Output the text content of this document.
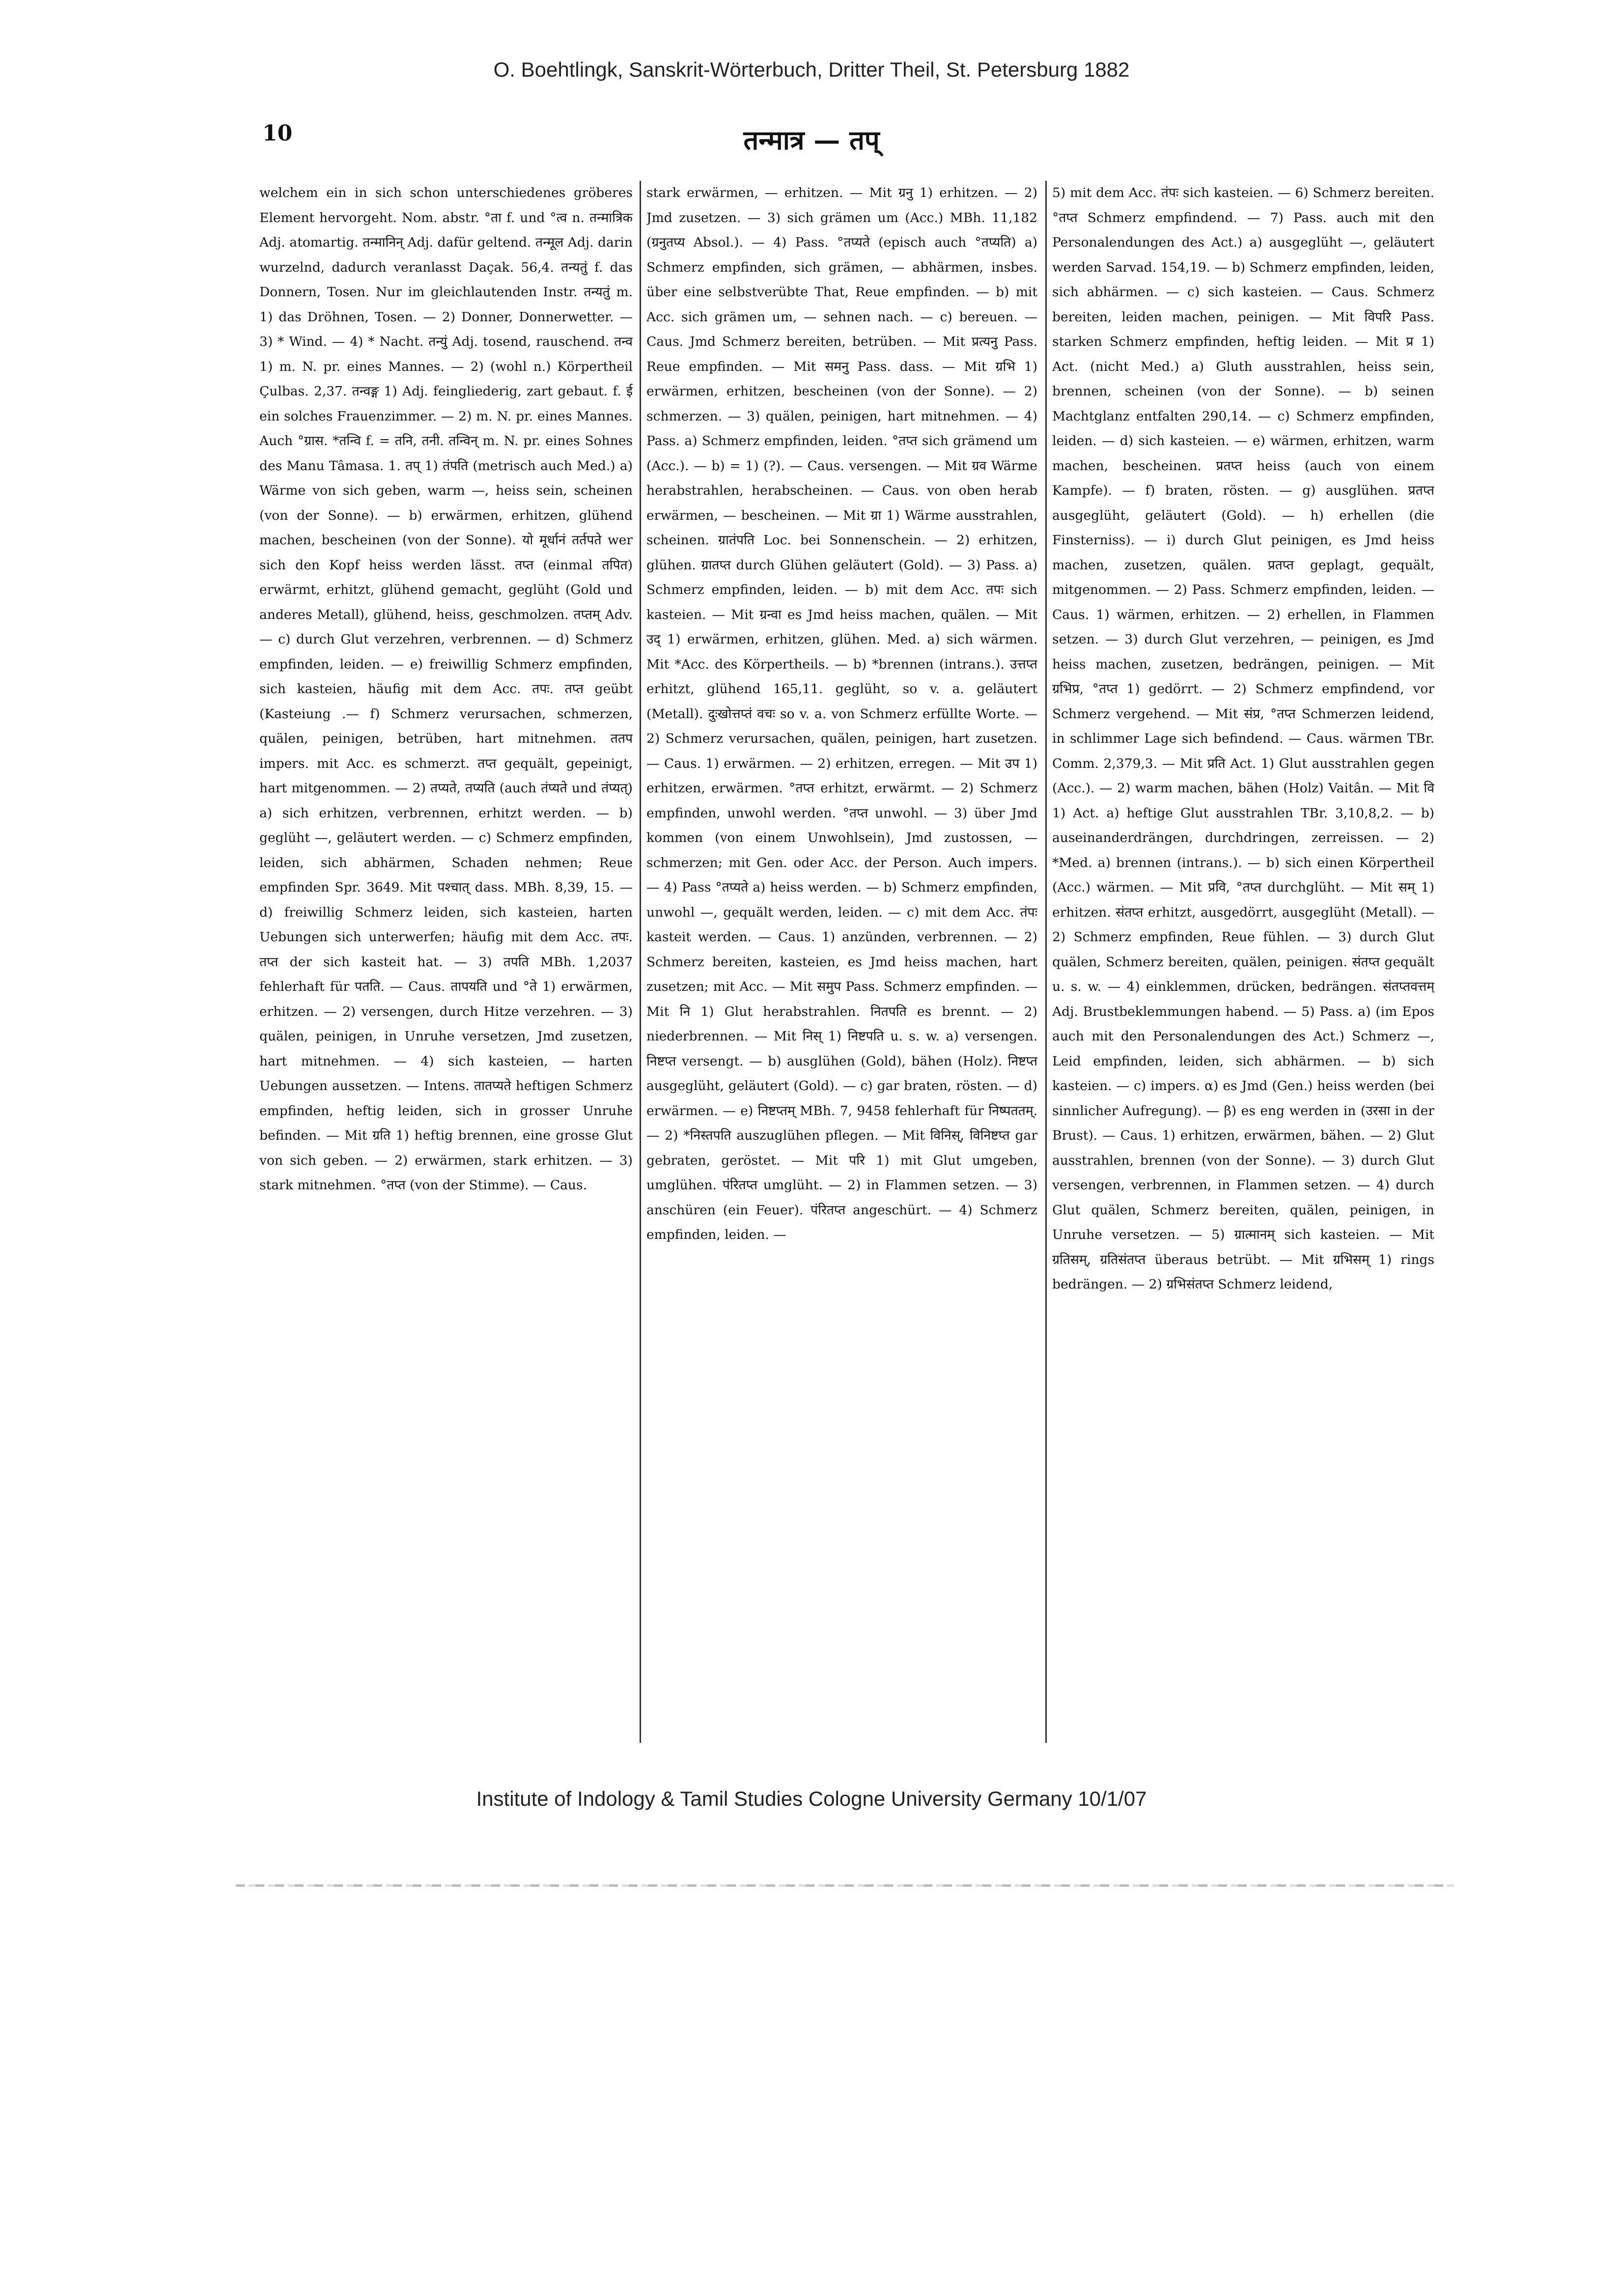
O. Boehtlingk, Sanskrit-Wörterbuch, Dritter Theil, St. Petersburg 1882
10	तन्मात्र — तप्

welchem ein in sich schon unterschiedenes gröberes Element hervorgeht. Nom. abstr. °ता f. und °त्व n. तन्मात्रिक Adj. atomartig. तन्मानिन् Adj. dafür geltend. तन्मूल Adj. darin wurzelnd, dadurch veranlasst Daçak. 56,4. तन्यतुं f. das Donnern, Tosen. Nur im gleichlautenden Instr. तन्यतुं m. 1) das Dröhnen, Tosen. — 2) Donner, Donnerwetter. — 3) * Wind. — 4) * Nacht. तन्युं Adj. tosend, rauschend. तन्व 1) m. N. pr. eines Mannes. — 2) (wohl n.) Körpertheil Çulbas. 2,37. तन्वङ्ग 1) Adj. feingliederig, zart gebaut. f. ई ein solches Frauenzimmer. — 2) m. N. pr. eines Mannes. Auch °ग्रास. *तन्वि f. = तनि, तनी. तन्विन् m. N. pr. eines Sohnes des Manu Tâmasa. 1. तप् 1) तंपति (metrisch auch Med.) a) Wärme von sich geben, warm —, heiss sein, scheinen (von der Sonne). — b) erwärmen, erhitzen, glühend machen, bescheinen (von der Sonne). यो मूर्धानं तर्तपते wer sich den Kopf heiss werden lässt. तप्त (einmal तपित) erwärmt, erhitzt, glühend gemacht, geglüht (Gold und anderes Metall), glühend, heiss, geschmolzen. तप्तम् Adv. — c) durch Glut verzehren, verbrennen. — d) Schmerz empfinden, leiden. — e) freiwillig Schmerz empfinden, sich kasteien, häufig mit dem Acc. तपः. तप्त geübt (Kasteiung .— f) Schmerz verursachen, schmerzen, quälen, peinigen, betrüben, hart mitnehmen. ततप impers. mit Acc. es schmerzt. तप्त gequält, gepeinigt, hart mitgenommen. — 2) तप्यते, तप्यति (auch तंप्यते und तंप्यत्) a) sich erhitzen, verbrennen, erhitzt werden. — b) geglüht —, geläutert werden. — c) Schmerz empfinden, leiden, sich abhärmen, Schaden nehmen; Reue empfinden Spr. 3649. Mit पश्चात् dass. MBh. 8,39, 15. — d) freiwillig Schmerz leiden, sich kasteien, harten Uebungen sich unterwerfen; häufig mit dem Acc. तपः. तप्त der sich kasteit hat. — 3) तपति MBh. 1,2037 fehlerhaft für पतति. — Caus. तापयति und °ते 1) erwärmen, erhitzen. — 2) versengen, durch Hitze verzehren. — 3) quälen, peinigen, in Unruhe versetzen, Jmd zusetzen, hart mitnehmen. — 4) sich kasteien, — harten Uebungen aussetzen. — Intens. तातप्यते heftigen Schmerz empfinden, heftig leiden, sich in grosser Unruhe befinden. — Mit ग्रति 1) heftig brennen, eine grosse Glut von sich geben. — 2) erwärmen, stark erhitzen. — 3) stark mitnehmen. °तप्त (von der Stimme). — Caus.

stark erwärmen, — erhitzen. — Mit ग्रनु 1) erhitzen. — 2) Jmd zusetzen. — 3) sich grämen um (Acc.) MBh. 11,182 (ग्रनुतप्य Absol.). — 4) Pass. °तप्यते (episch auch °तप्यति) a) Schmerz empfinden, sich grämen, — abhärmen, insbes. über eine selbstverübte That, Reue empfinden. — b) mit Acc. sich grämen um, — sehnen nach. — c) bereuen. — Caus. Jmd Schmerz bereiten, betrüben. — Mit प्रत्यनु Pass. Reue empfinden. — Mit समनु Pass. dass. — Mit ग्रभि 1) erwärmen, erhitzen, bescheinen (von der Sonne). — 2) schmerzen. — 3) quälen, peinigen, hart mitnehmen. — 4) Pass. a) Schmerz empfinden, leiden. °तप्त sich grämend um (Acc.). — b) = 1) (?). — Caus. versengen. — Mit ग्रव Wärme herabstrahlen, herabscheinen. — Caus. von oben herab erwärmen, — bescheinen. — Mit ग्रा 1) Wärme ausstrahlen, scheinen. ग्रातंपति Loc. bei Sonnenschein. — 2) erhitzen, glühen. ग्रातप्त durch Glühen geläutert (Gold). — 3) Pass. a) Schmerz empfinden, leiden. — b) mit dem Acc. तपः sich kasteien. — Mit ग्रन्वा es Jmd heiss machen, quälen. — Mit उद् 1) erwärmen, erhitzen, glühen. Med. a) sich wärmen. Mit *Acc. des Körpertheils. — b) *brennen (intrans.). उत्तप्त erhitzt, glühend 165,11. geglüht, so v. a. geläutert (Metall). दुःखोत्तप्तं वचः so v. a. von Schmerz erfüllte Worte. — 2) Schmerz verursachen, quälen, peinigen, hart zusetzen. — Caus. 1) erwärmen. — 2) erhitzen, erregen. — Mit उप 1) erhitzen, erwärmen. °तप्त erhitzt, erwärmt. — 2) Schmerz empfinden, unwohl werden. °तप्त unwohl. — 3) über Jmd kommen (von einem Unwohlsein), Jmd zustossen, — schmerzen; mit Gen. oder Acc. der Person. Auch impers. — 4) Pass °तप्यते a) heiss werden. — b) Schmerz empfinden, unwohl —, gequält werden, leiden. — c) mit dem Acc. तंपः kasteit werden. — Caus. 1) anzünden, verbrennen. — 2) Schmerz bereiten, kasteien, es Jmd heiss machen, hart zusetzen; mit Acc. — Mit समुप Pass. Schmerz empfinden. — Mit नि 1) Glut herabstrahlen. नितपति es brennt. — 2) niederbrennen. — Mit निस् 1) निष्टपति u. s. w. a) versengen. निष्टप्त versengt. — b) ausglühen (Gold), bähen (Holz). निष्टप्त ausgeglüht, geläutert (Gold). — c) gar braten, rösten. — d) erwärmen. — e) निष्टप्तम् MBh. 7, 9458 fehlerhaft für निष्पततम्. — 2) *निस्तपति auszuglühen pflegen. — Mit विनिस्, विनिष्टप्त gar gebraten, geröstet. — Mit परि 1) mit Glut umgeben, umglühen. पंरितप्त umglüht. — 2) in Flammen setzen. — 3) anschüren (ein Feuer). पंरितप्त angeschürt. — 4) Schmerz empfinden, leiden. —

5) mit dem Acc. तंपः sich kasteien. — 6) Schmerz bereiten. °तप्त Schmerz empfindend. — 7) Pass. auch mit den Personalendungen des Act.) a) ausgeglüht —, geläutert werden Sarvad. 154,19. — b) Schmerz empfinden, leiden, sich abhärmen. — c) sich kasteien. — Caus. Schmerz bereiten, leiden machen, peinigen. — Mit विपरि Pass. starken Schmerz empfinden, heftig leiden. — Mit प्र 1) Act. (nicht Med.) a) Gluth ausstrahlen, heiss sein, brennen, scheinen (von der Sonne). — b) seinen Machtglanz entfalten 290,14. — c) Schmerz empfinden, leiden. — d) sich kasteien. — e) wärmen, erhitzen, warm machen, bescheinen. प्रतप्त heiss (auch von einem Kampfe). — f) braten, rösten. — g) ausglühen. प्रतप्त ausgeglüht, geläutert (Gold). — h) erhellen (die Finsterniss). — i) durch Glut peinigen, es Jmd heiss machen, zusetzen, quälen. प्रतप्त geplagt, gequält, mitgenommen. — 2) Pass. Schmerz empfinden, leiden. — Caus. 1) wärmen, erhitzen. — 2) erhellen, in Flammen setzen. — 3) durch Glut verzehren, — peinigen, es Jmd heiss machen, zusetzen, bedrängen, peinigen. — Mit ग्रभिप्र, °तप्त 1) gedörrt. — 2) Schmerz empfindend, vor Schmerz vergehend. — Mit संप्र, °तप्त Schmerzen leidend, in schlimmer Lage sich befindend. — Caus. wärmen TBr. Comm. 2,379,3. — Mit प्रति Act. 1) Glut ausstrahlen gegen (Acc.). — 2) warm machen, bähen (Holz) Vaitân. — Mit वि 1) Act. a) heftige Glut ausstrahlen TBr. 3,10,8,2. — b) auseinanderdrängen, durchdringen, zerreissen. — 2) *Med. a) brennen (intrans.). — b) sich einen Körpertheil (Acc.) wärmen. — Mit प्रवि, °तप्त durchglüht. — Mit सम् 1) erhitzen. संतप्त erhitzt, ausgedörrt, ausgeglüht (Metall). — 2) Schmerz empfinden, Reue fühlen. — 3) durch Glut quälen, Schmerz bereiten, quälen, peinigen. संतप्त gequält u. s. w. — 4) einklemmen, drücken, bedrängen. संतप्तवत्तम् Adj. Brustbeklemmungen habend. — 5) Pass. a) (im Epos auch mit den Personalendungen des Act.) Schmerz —, Leid empfinden, leiden, sich abhärmen. — b) sich kasteien. — c) impers. α) es Jmd (Gen.) heiss werden (bei sinnlicher Aufregung). — β) es eng werden in (उरसा in der Brust). — Caus. 1) erhitzen, erwärmen, bähen. — 2) Glut ausstrahlen, brennen (von der Sonne). — 3) durch Glut versengen, verbrennen, in Flammen setzen. — 4) durch Glut quälen, Schmerz bereiten, quälen, peinigen, in Unruhe versetzen. — 5) ग्रात्मानम् sich kasteien. — Mit ग्रतिसम्, ग्रतिसंतप्त überaus betrübt. — Mit ग्रभिसम् 1) rings bedrängen. — 2) ग्रभिसंतप्त Schmerz leidend,

Institute of Indology & Tamil Studies Cologne University Germany 10/1/07
